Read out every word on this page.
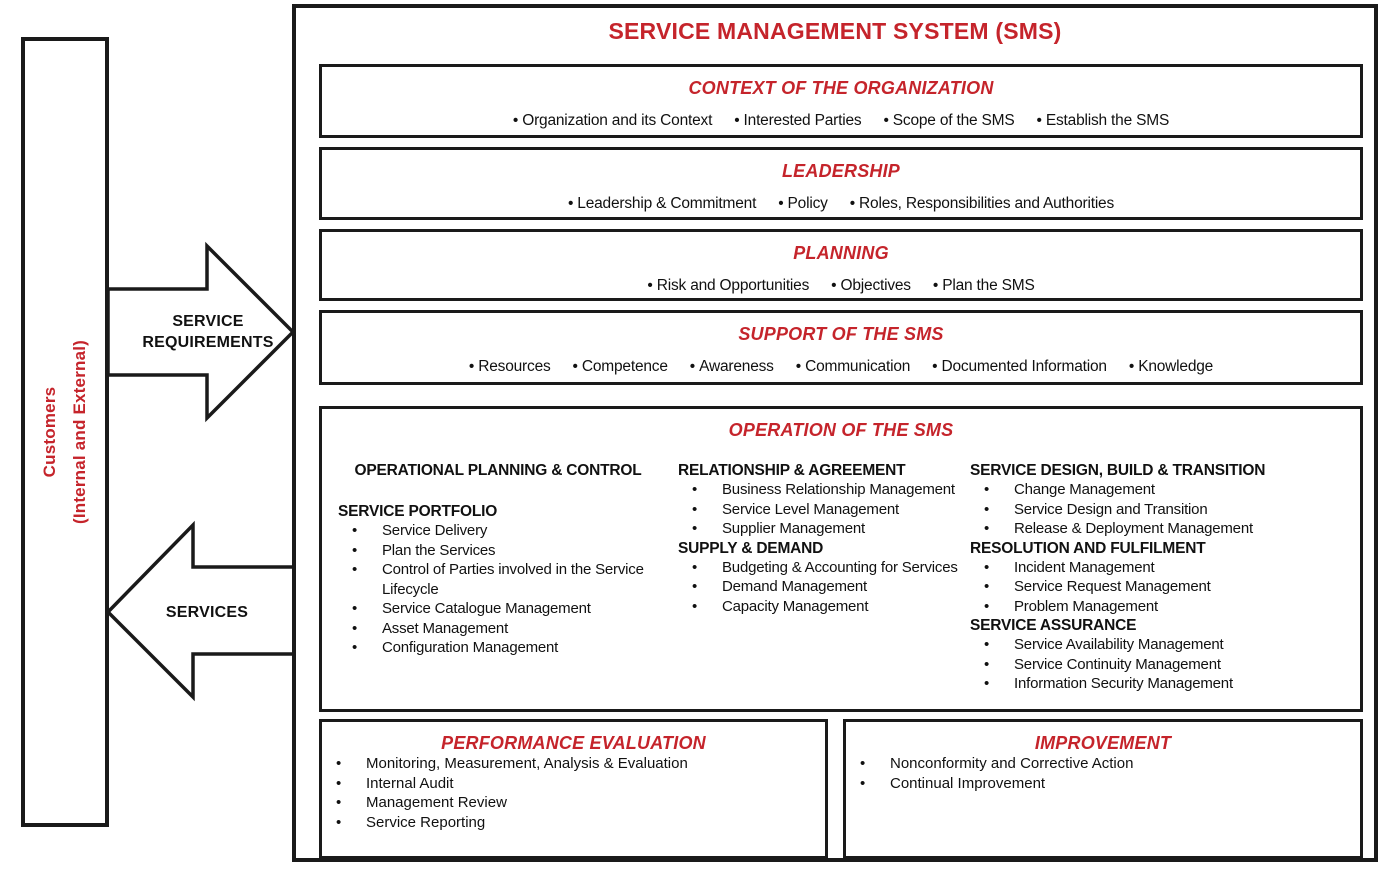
Customers (Internal and External)
SERVICE
REQUIREMENTS
SERVICES
SERVICE MANAGEMENT SYSTEM (SMS)
CONTEXT OF THE ORGANIZATION
• Organization and its Context	• Interested Parties	• Scope of the SMS	• Establish the SMS
LEADERSHIP
• Leadership & Commitment	• Policy	• Roles, Responsibilities and Authorities
PLANNING
• Risk and Opportunities	• Objectives	• Plan the SMS
SUPPORT OF THE SMS
• Resources	• Competence	• Awareness	• Communication	• Documented Information	• Knowledge
OPERATION OF THE SMS
OPERATIONAL PLANNING & CONTROL
SERVICE PORTFOLIO
• Service Delivery
• Plan the Services
• Control of Parties involved in the Service Lifecycle
• Service Catalogue Management
• Asset Management
• Configuration Management
RELATIONSHIP & AGREEMENT
• Business Relationship Management
• Service Level Management
• Supplier Management
SUPPLY & DEMAND
• Budgeting & Accounting for Services
• Demand Management
• Capacity Management
SERVICE DESIGN, BUILD & TRANSITION
• Change Management
• Service Design and Transition
• Release & Deployment Management
RESOLUTION AND FULFILMENT
• Incident Management
• Service Request Management
• Problem Management
SERVICE ASSURANCE
• Service Availability Management
• Service Continuity Management
• Information Security Management
PERFORMANCE EVALUATION
• Monitoring, Measurement, Analysis & Evaluation
• Internal Audit
• Management Review
• Service Reporting
IMPROVEMENT
• Nonconformity and Corrective Action
• Continual Improvement
